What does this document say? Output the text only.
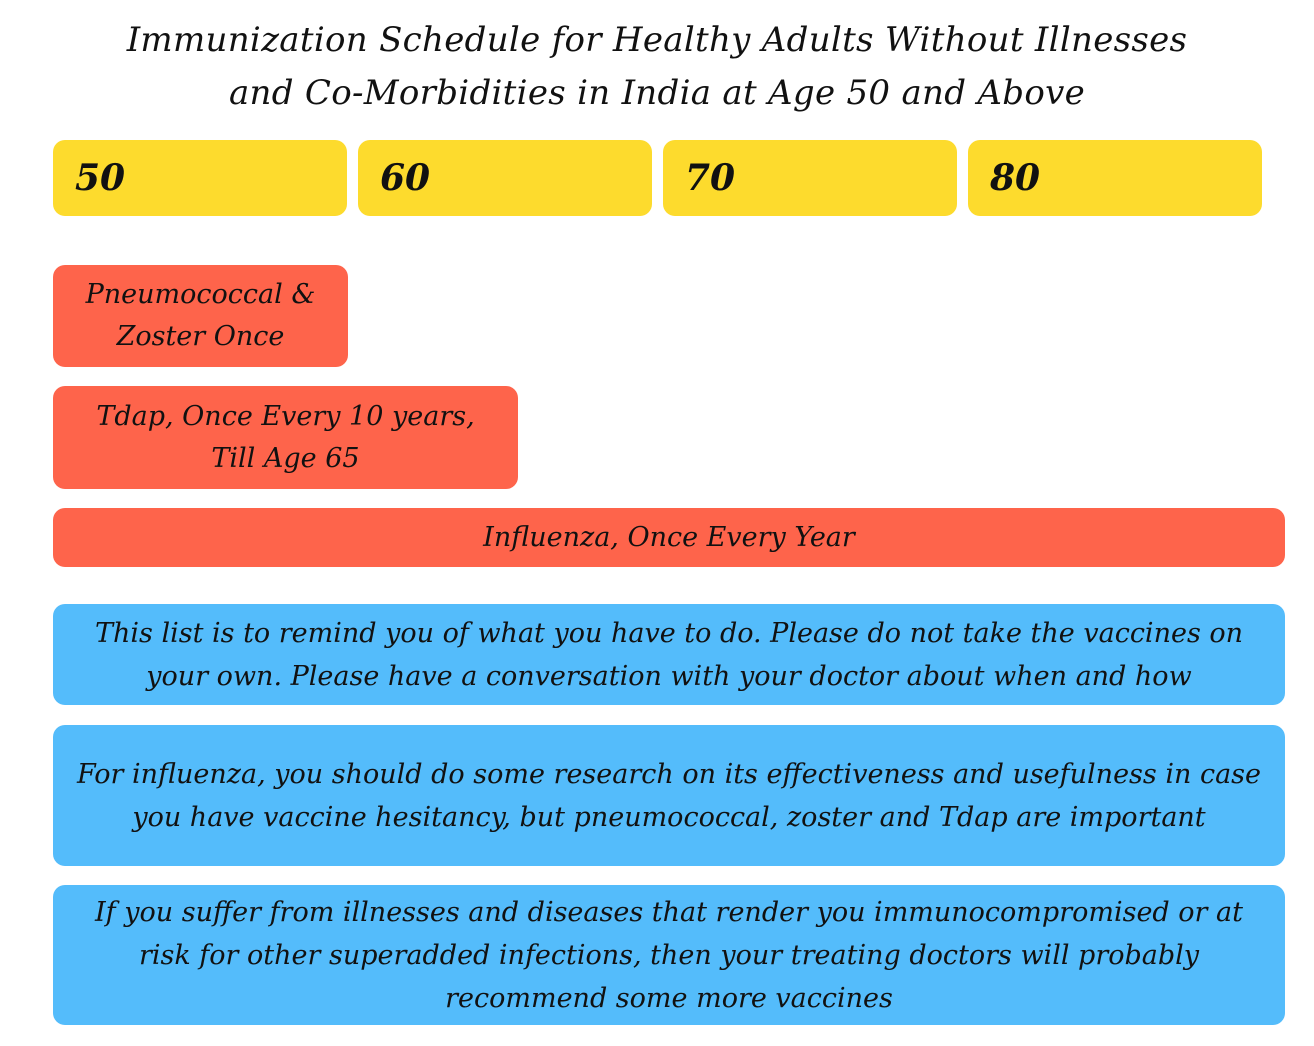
Immunization Schedule for Healthy Adults Without Illnesses
and Co-Morbidities in India at Age 50 and Above
50	60	70	80
Pneumococcal &
Zoster Once
Tdap, Once Every 10 years,
Till Age 65
Influenza, Once Every Year
This list is to remind you of what you have to do. Please do not take the vaccines on your own. Please have a conversation with your doctor about when and how
For influenza, you should do some research on its effectiveness and usefulness in case you have vaccine hesitancy, but pneumococcal, zoster and Tdap are important
If you suffer from illnesses and diseases that render you immunocompromised or at risk for other superadded infections, then your treating doctors will probably recommend some more vaccines
